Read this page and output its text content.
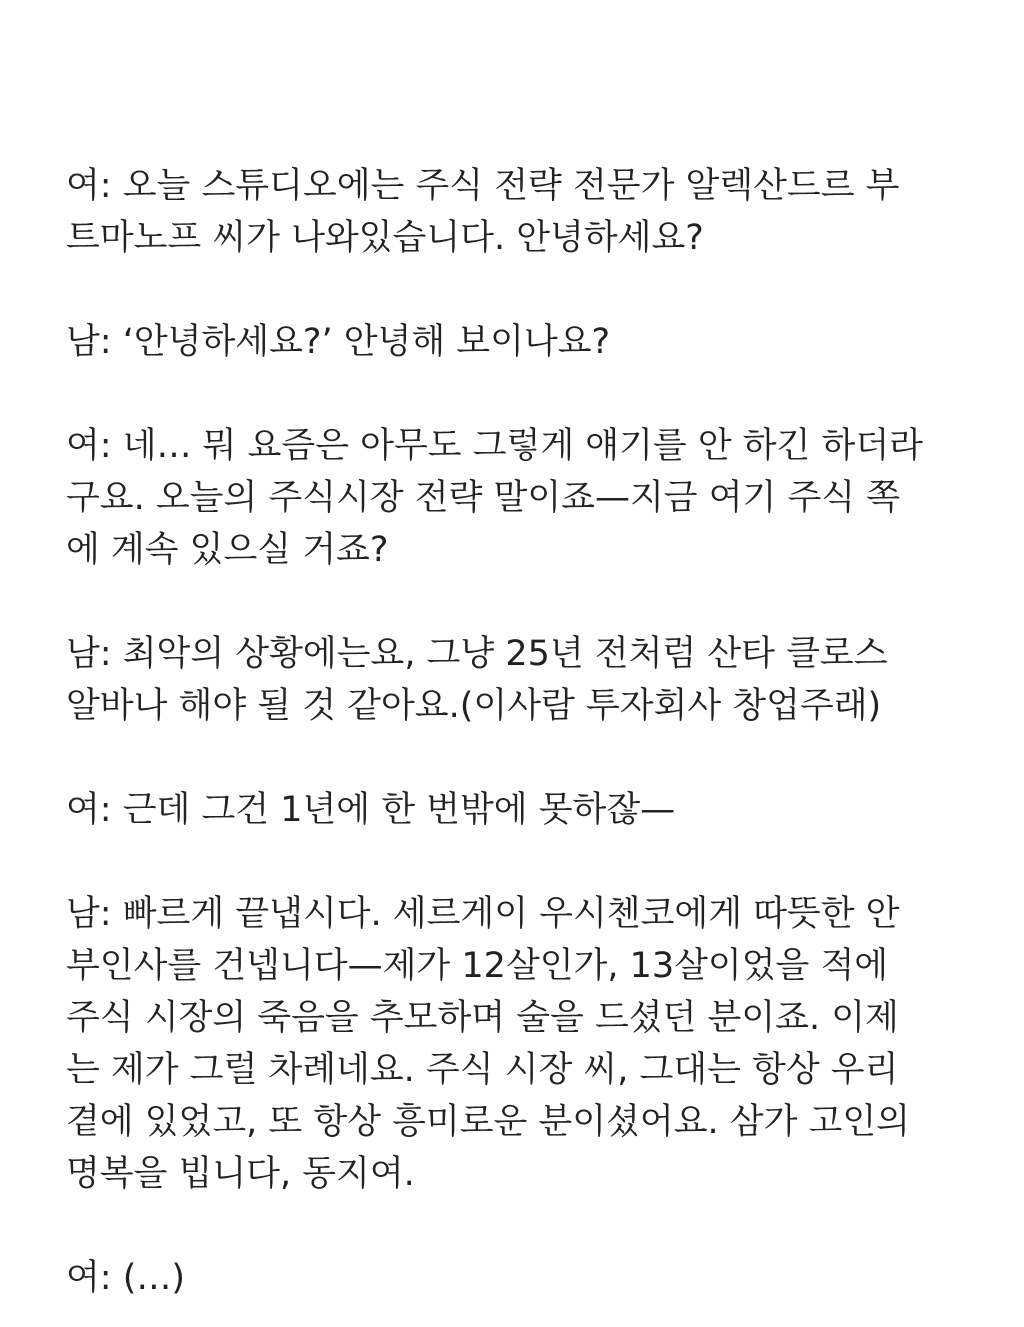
여: 오늘 스튜디오에는 주식 전략 전문가 알렉산드르 부
트마노프 씨가 나와있습니다. 안녕하세요?

남: ‘안녕하세요?’ 안녕해 보이나요?

여: 네… 뭐 요즘은 아무도 그렇게 얘기를 안 하긴 하더라
구요. 오늘의 주식시장 전략 말이죠—지금 여기 주식 쪽
에 계속 있으실 거죠?

남: 최악의 상황에는요, 그냥 25년 전처럼 산타 클로스
알바나 해야 될 것 같아요.(이사람 투자회사 창업주래)

여: 근데 그건 1년에 한 번밖에 못하잖—

남: 빠르게 끝냅시다. 세르게이 우시첸코에게 따뜻한 안
부인사를 건넵니다—제가 12살인가, 13살이었을 적에
주식 시장의 죽음을 추모하며 술을 드셨던 분이죠. 이제
는 제가 그럴 차례네요. 주식 시장 씨, 그대는 항상 우리
곁에 있었고, 또 항상 흥미로운 분이셨어요. 삼가 고인의
명복을 빕니다, 동지여.

여: (…)
